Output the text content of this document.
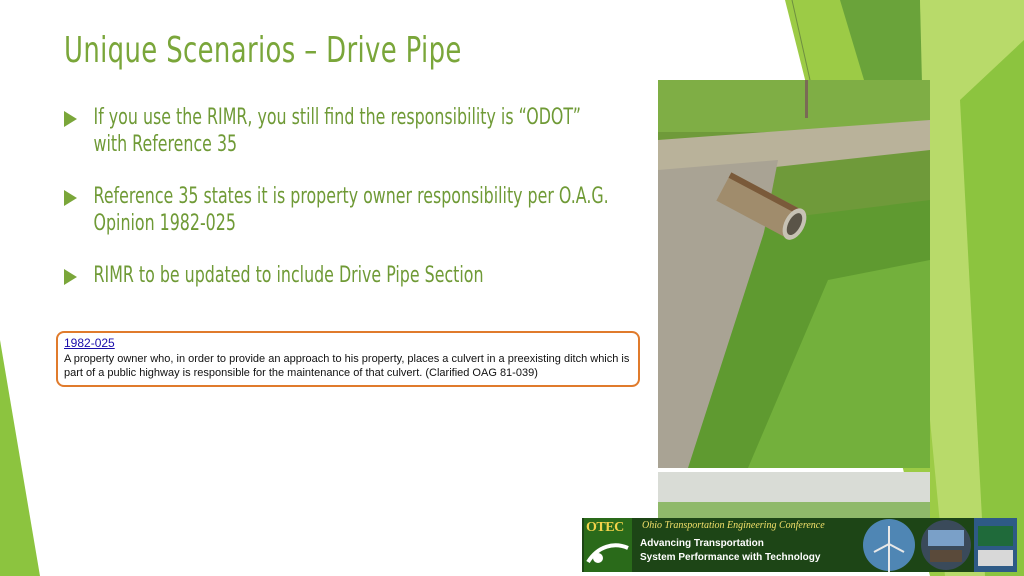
Unique Scenarios – Drive Pipe
If you use the RIMR, you still find the responsibility is “ODOT” with Reference 35
Reference 35 states it is property owner responsibility per O.A.G. Opinion 1982-025
RIMR to be updated to include Drive Pipe Section
1982-025

A property owner who, in order to provide an approach to his property, places a culvert in a preexisting ditch which is part of a public highway is responsible for the maintenance of that culvert. (Clarified OAG 81-039)

OTEC Ohio Transportation Engineering Conference
Advancing Transportation
System Performance with Technology
